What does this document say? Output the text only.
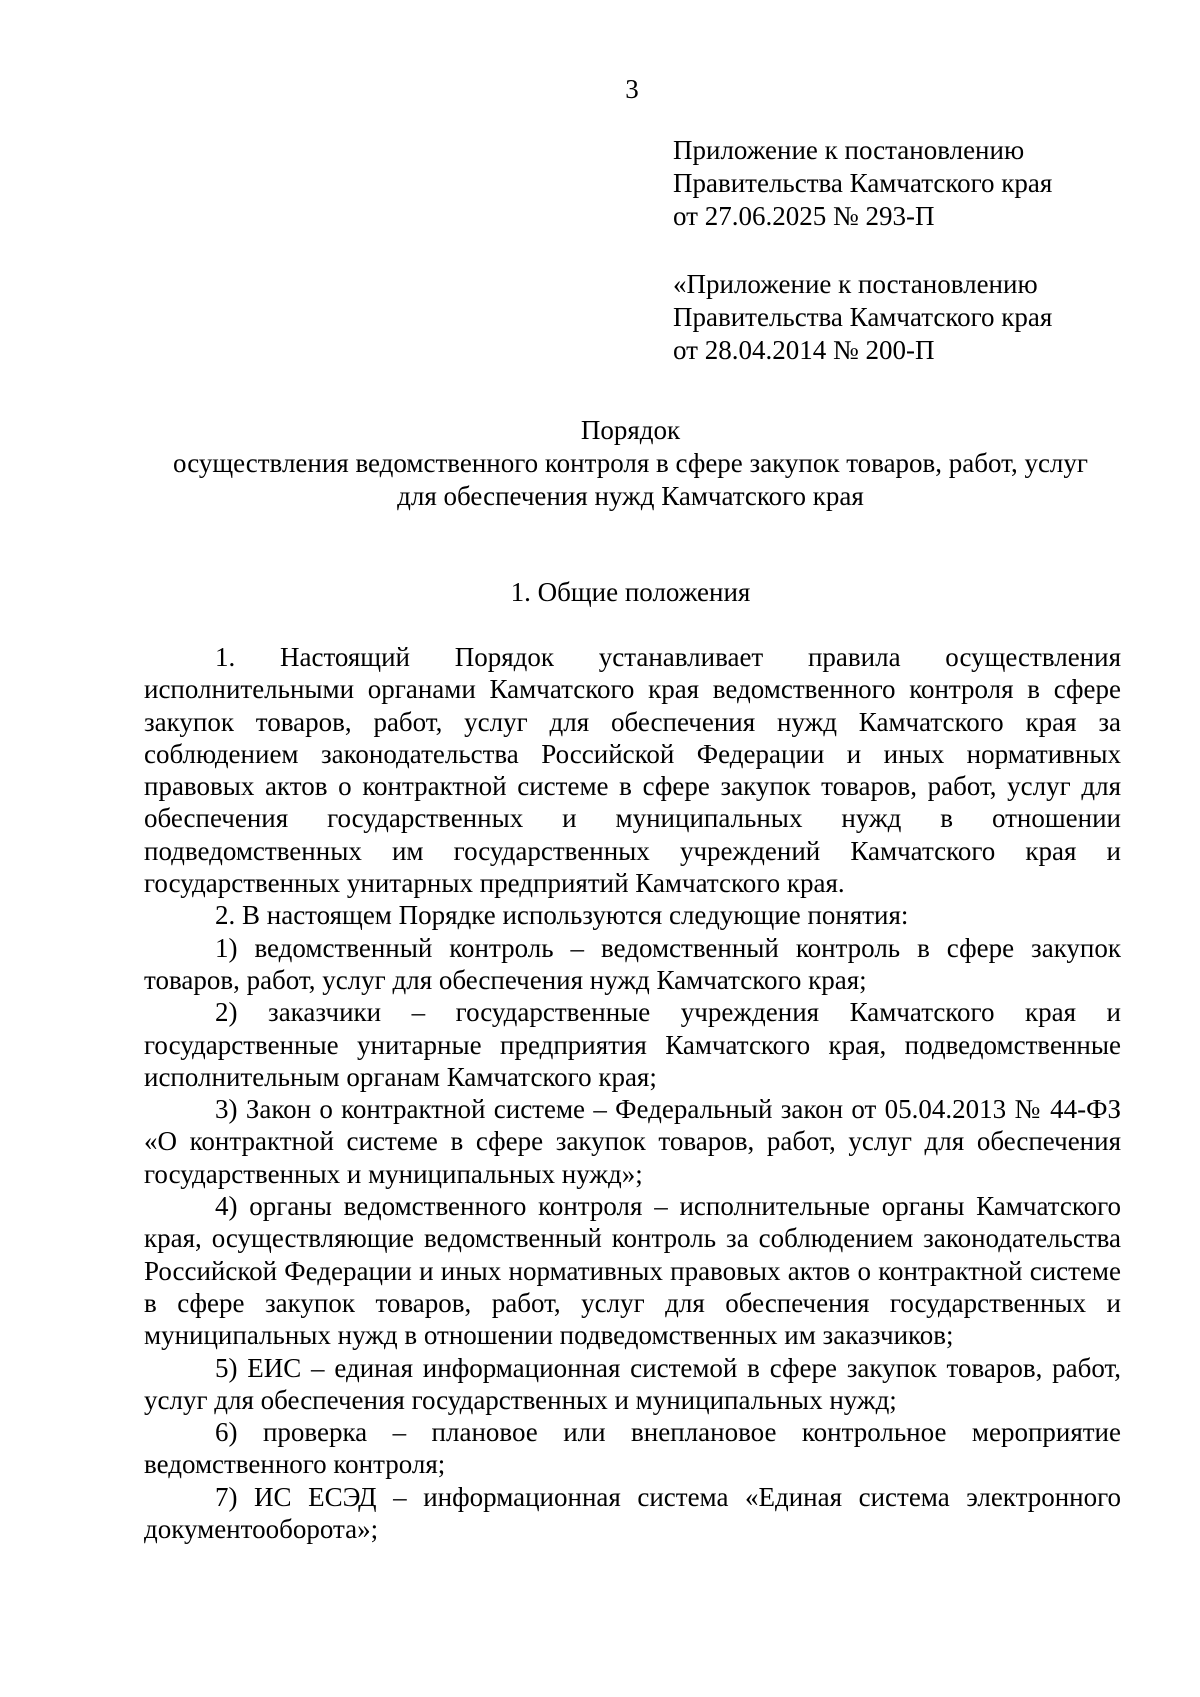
3
Приложение к постановлению
Правительства Камчатского края
от 27.06.2025 № 293-П
«Приложение к постановлению
Правительства Камчатского края
от 28.04.2014 № 200-П
Порядок
осуществления ведомственного контроля в сфере закупок товаров, работ, услуг
для обеспечения нужд Камчатского края
1. Общие положения

1. Настоящий Порядок устанавливает правила осуществления исполнительными органами Камчатского края ведомственного контроля в сфере закупок товаров, работ, услуг для обеспечения нужд Камчатского края за соблюдением законодательства Российской Федерации и иных нормативных правовых актов о контрактной системе в сфере закупок товаров, работ, услуг для обеспечения государственных и муниципальных нужд в отношении подведомственных им государственных учреждений Камчатского края и государственных унитарных предприятий Камчатского края.

2. В настоящем Порядке используются следующие понятия:

1) ведомственный контроль – ведомственный контроль в сфере закупок товаров, работ, услуг для обеспечения нужд Камчатского края;

2) заказчики – государственные учреждения Камчатского края и государственные унитарные предприятия Камчатского края, подведомственные исполнительным органам Камчатского края;

3) Закон о контрактной системе – Федеральный закон от 05.04.2013 № 44-ФЗ «О контрактной системе в сфере закупок товаров, работ, услуг для обеспечения государственных и муниципальных нужд»;

4) органы ведомственного контроля – исполнительные органы Камчатского края, осуществляющие ведомственный контроль за соблюдением законодательства Российской Федерации и иных нормативных правовых актов о контрактной системе в сфере закупок товаров, работ, услуг для обеспечения государственных и муниципальных нужд в отношении подведомственных им заказчиков;

5) ЕИС – единая информационная системой в сфере закупок товаров, работ, услуг для обеспечения государственных и муниципальных нужд;

6) проверка – плановое или внеплановое контрольное мероприятие ведомственного контроля;

7) ИС ЕСЭД – информационная система «Единая система электронного документооборота»;
